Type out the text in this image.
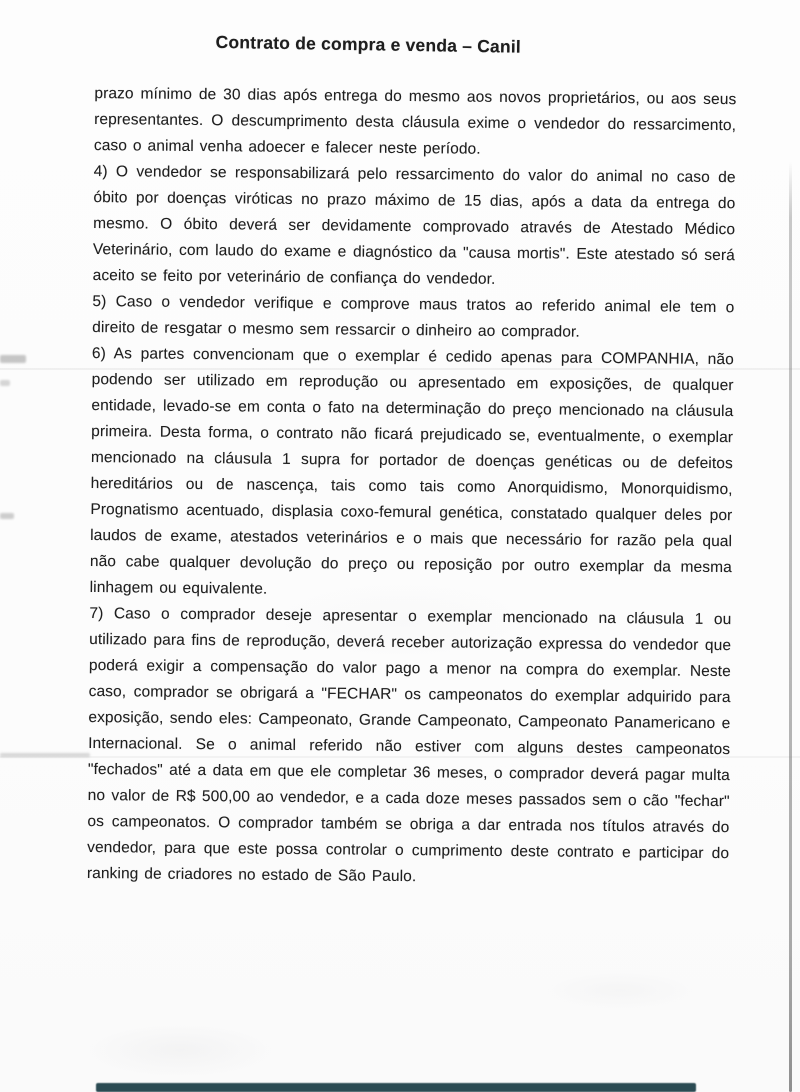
Contrato de compra e venda – Canil

prazo mínimo de 30 dias após entrega do mesmo aos novos proprietários, ou aos seus representantes. O descumprimento desta cláusula exime o vendedor do ressarcimento, caso o animal venha adoecer e falecer neste período.

4) O vendedor se responsabilizará pelo ressarcimento do valor do animal no caso de óbito por doenças viróticas no prazo máximo de 15 dias, após a data da entrega do mesmo. O óbito deverá ser devidamente comprovado através de Atestado Médico Veterinário, com laudo do exame e diagnóstico da "causa mortis". Este atestado só será aceito se feito por veterinário de confiança do vendedor.

5) Caso o vendedor verifique e comprove maus tratos ao referido animal ele tem o direito de resgatar o mesmo sem ressarcir o dinheiro ao comprador.

6) As partes convencionam que o exemplar é cedido apenas para COMPANHIA, não podendo ser utilizado em reprodução ou apresentado em exposições, de qualquer entidade, levado-se em conta o fato na determinação do preço mencionado na cláusula primeira. Desta forma, o contrato não ficará prejudicado se, eventualmente, o exemplar mencionado na cláusula 1 supra for portador de doenças genéticas ou de defeitos hereditários ou de nascença, tais como tais como Anorquidismo, Monorquidismo, Prognatismo acentuado, displasia coxo-femural genética, constatado qualquer deles por laudos de exame, atestados veterinários e o mais que necessário for razão pela qual não cabe qualquer devolução do preço ou reposição por outro exemplar da mesma linhagem ou equivalente.

7) Caso o comprador deseje apresentar o exemplar mencionado na cláusula 1 ou utilizado para fins de reprodução, deverá receber autorização expressa do vendedor que poderá exigir a compensação do valor pago a menor na compra do exemplar. Neste caso, comprador se obrigará a "FECHAR" os campeonatos do exemplar adquirido para exposição, sendo eles: Campeonato, Grande Campeonato, Campeonato Panamericano e Internacional. Se o animal referido não estiver com alguns destes campeonatos "fechados" até a data em que ele completar 36 meses, o comprador deverá pagar multa no valor de R$ 500,00 ao vendedor, e a cada doze meses passados sem o cão "fechar" os campeonatos. O comprador também se obriga a dar entrada nos títulos através do vendedor, para que este possa controlar o cumprimento deste contrato e participar do ranking de criadores no estado de São Paulo.
